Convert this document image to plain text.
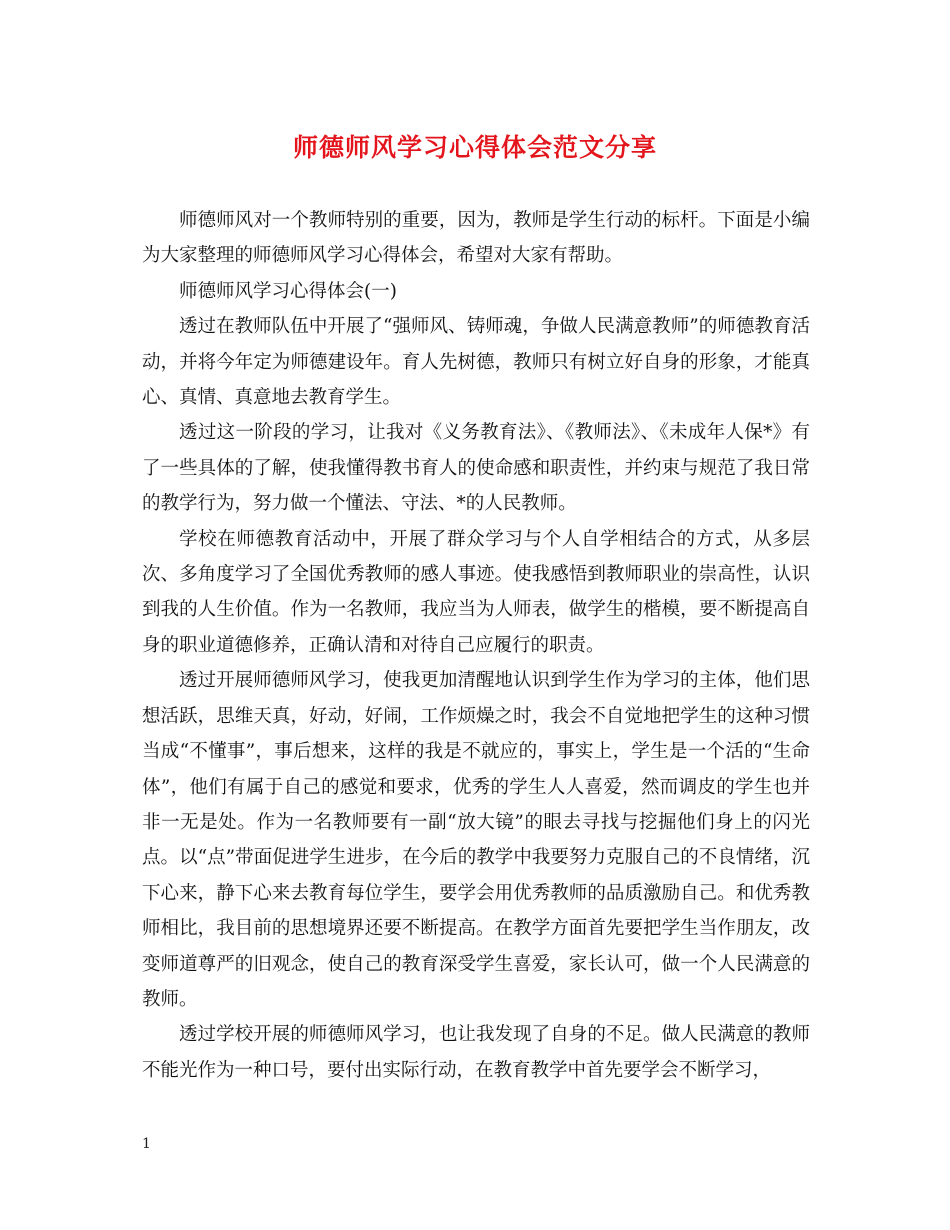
师德师风学习心得体会范文分享

师德师风对一个教师特别的重要，因为，教师是学生行动的标杆。下面是小编为大家整理的师德师风学习心得体会，希望对大家有帮助。

师德师风学习心得体会(一)

透过在教师队伍中开展了“强师风、铸师魂，争做人民满意教师”的师德教育活动，并将今年定为师德建设年。育人先树德，教师只有树立好自身的形象，才能真心、真情、真意地去教育学生。

透过这一阶段的学习，让我对《义务教育法》、《教师法》、《未成年人保*》有了一些具体的了解，使我懂得教书育人的使命感和职责性，并约束与规范了我日常的教学行为，努力做一个懂法、守法、*的人民教师。

学校在师德教育活动中，开展了群众学习与个人自学相结合的方式，从多层次、多角度学习了全国优秀教师的感人事迹。使我感悟到教师职业的崇高性，认识到我的人生价值。作为一名教师，我应当为人师表，做学生的楷模，要不断提高自身的职业道德修养，正确认清和对待自己应履行的职责。

透过开展师德师风学习，使我更加清醒地认识到学生作为学习的主体，他们思想活跃，思维天真，好动，好闹，工作烦燥之时，我会不自觉地把学生的这种习惯当成“不懂事”，事后想来，这样的我是不就应的，事实上，学生是一个活的“生命体”，他们有属于自己的感觉和要求，优秀的学生人人喜爱，然而调皮的学生也并非一无是处。作为一名教师要有一副“放大镜”的眼去寻找与挖掘他们身上的闪光点。以“点”带面促进学生进步，在今后的教学中我要努力克服自己的不良情绪，沉下心来，静下心来去教育每位学生，要学会用优秀教师的品质激励自己。和优秀教师相比，我目前的思想境界还要不断提高。在教学方面首先要把学生当作朋友，改变师道尊严的旧观念，使自己的教育深受学生喜爱，家长认可，做一个人民满意的教师。

透过学校开展的师德师风学习，也让我发现了自身的不足。做人民满意的教师不能光作为一种口号，要付出实际行动，在教育教学中首先要学会不断学习，

1
